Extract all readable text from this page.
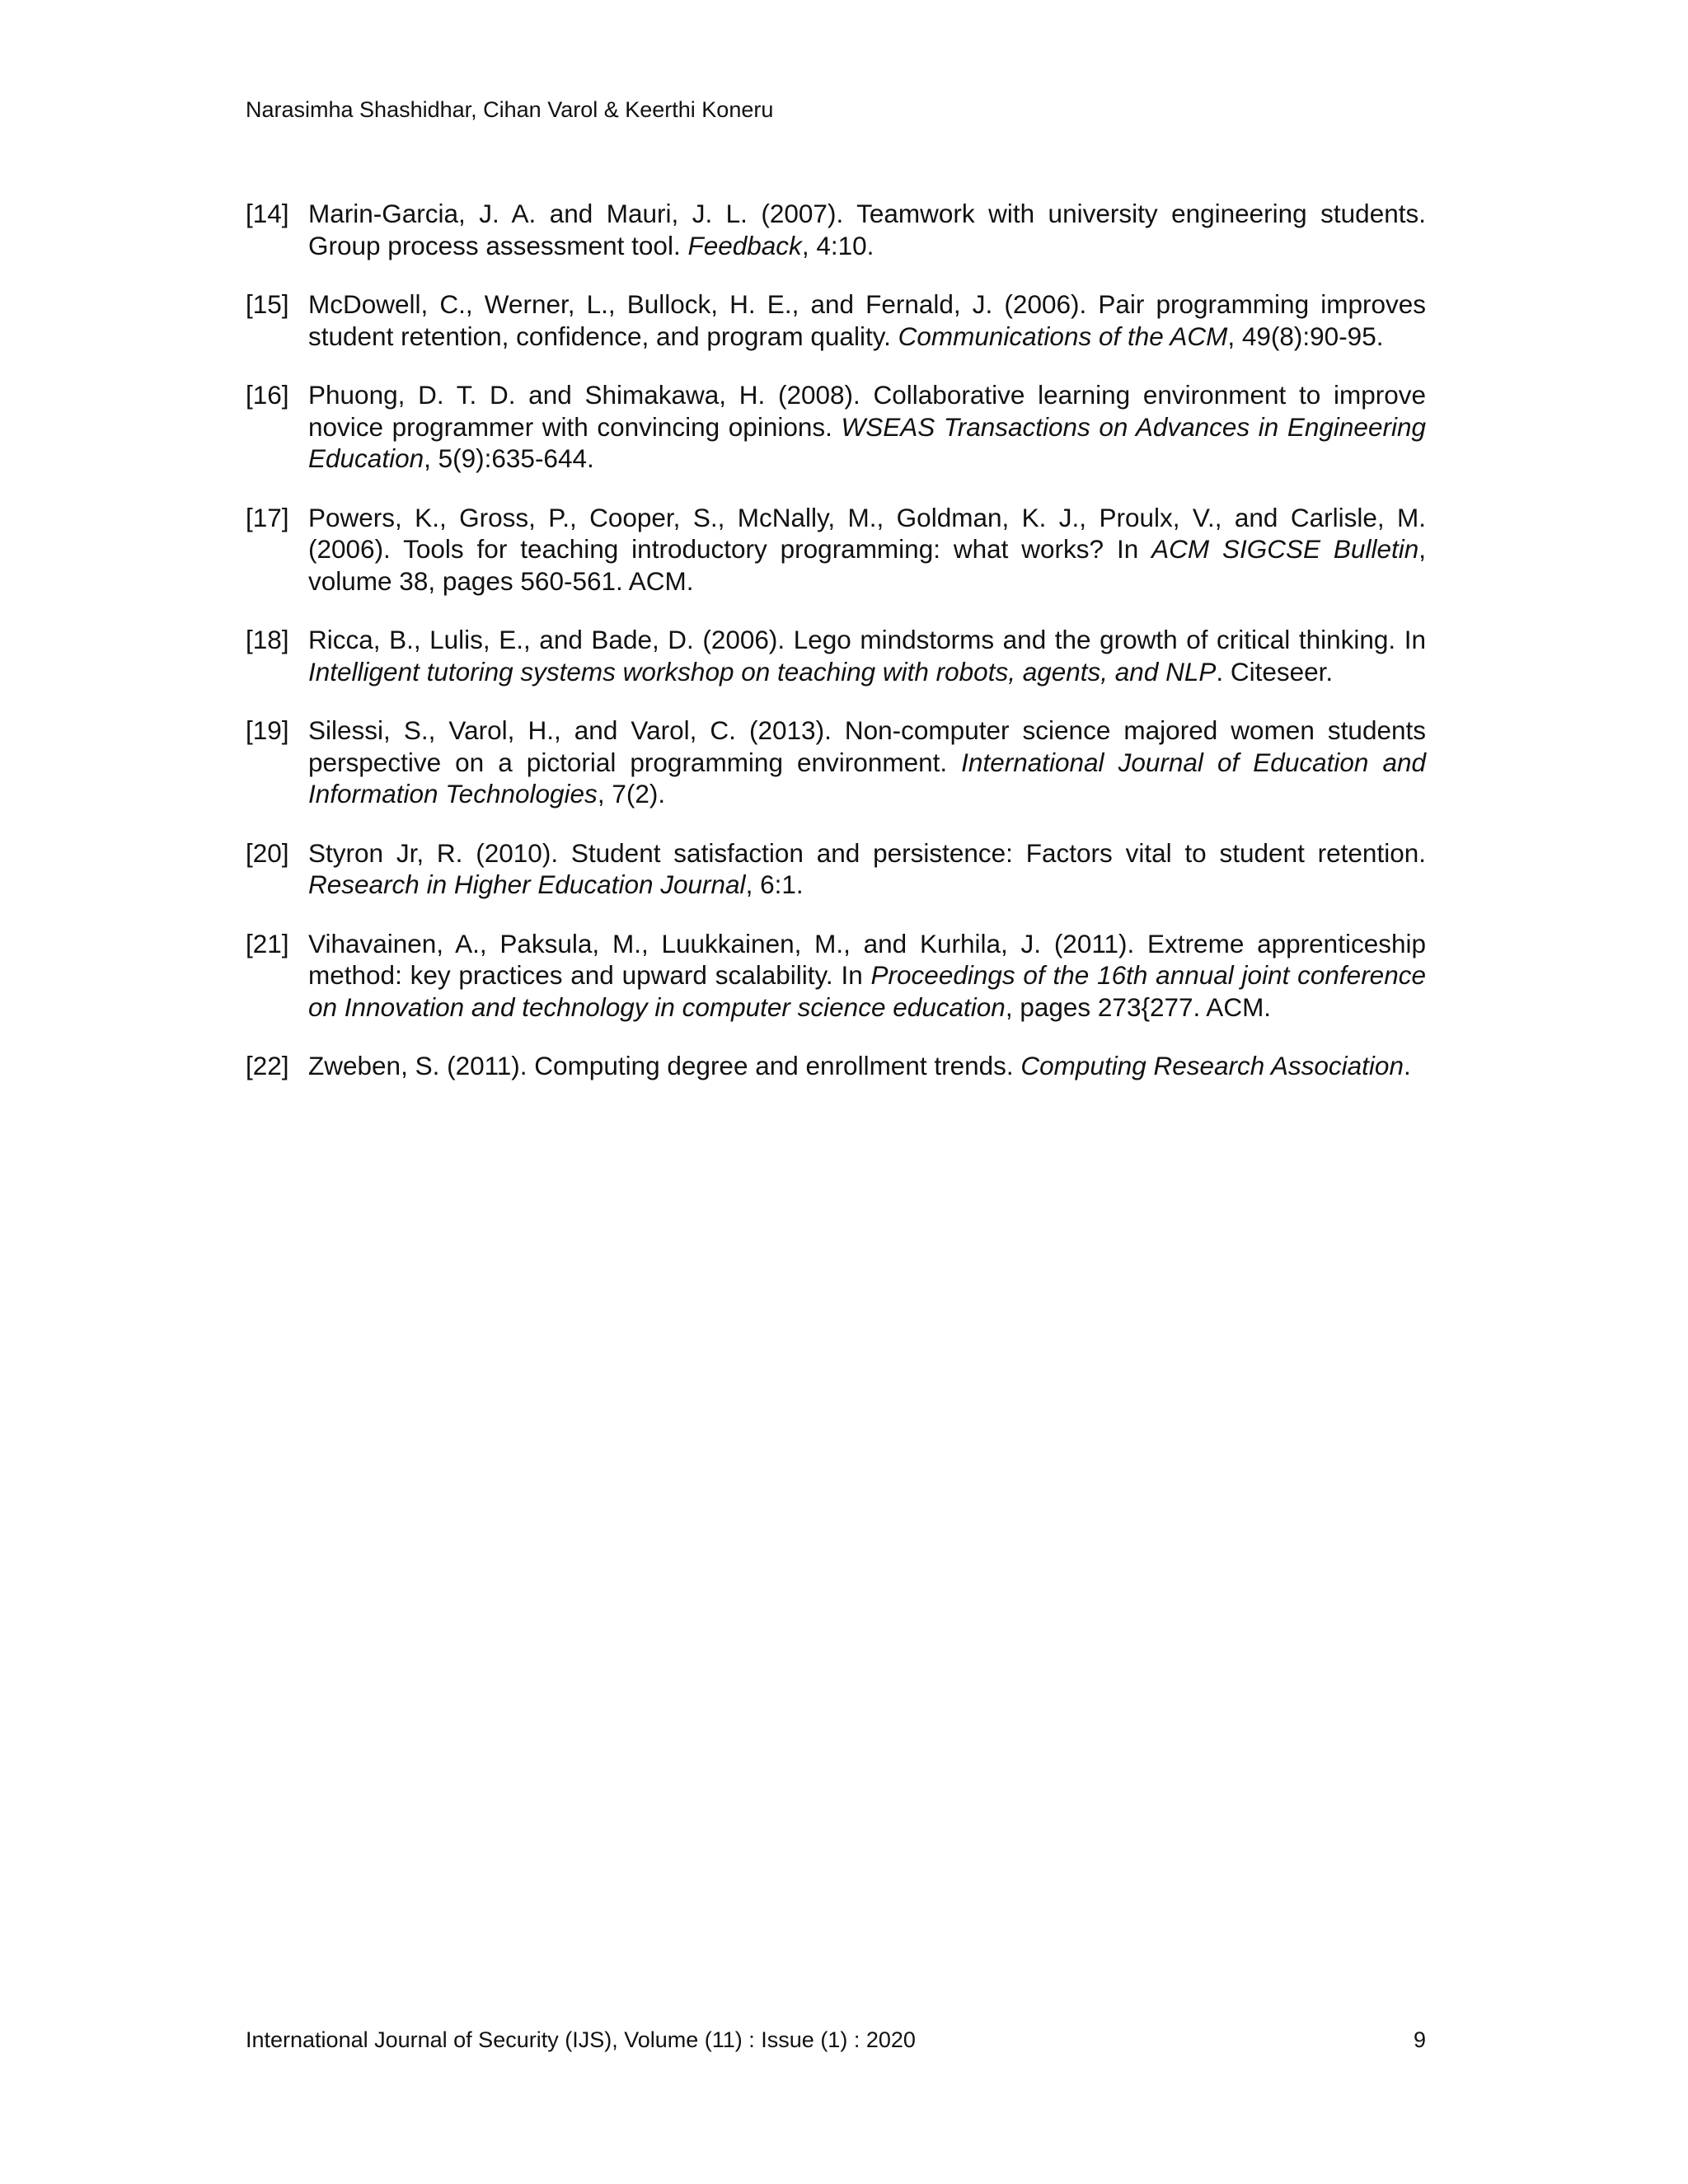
Narasimha Shashidhar, Cihan Varol & Keerthi Koneru
[14] Marin-Garcia, J. A. and Mauri, J. L. (2007). Teamwork with university engineering students. Group process assessment tool. Feedback, 4:10.
[15] McDowell, C., Werner, L., Bullock, H. E., and Fernald, J. (2006). Pair programming improves student retention, confidence, and program quality. Communications of the ACM, 49(8):90-95.
[16] Phuong, D. T. D. and Shimakawa, H. (2008). Collaborative learning environment to improve novice programmer with convincing opinions. WSEAS Transactions on Advances in Engineering Education, 5(9):635-644.
[17] Powers, K., Gross, P., Cooper, S., McNally, M., Goldman, K. J., Proulx, V., and Carlisle, M. (2006). Tools for teaching introductory programming: what works? In ACM SIGCSE Bulletin, volume 38, pages 560-561. ACM.
[18] Ricca, B., Lulis, E., and Bade, D. (2006). Lego mindstorms and the growth of critical thinking. In Intelligent tutoring systems workshop on teaching with robots, agents, and NLP. Citeseer.
[19] Silessi, S., Varol, H., and Varol, C. (2013). Non-computer science majored women students perspective on a pictorial programming environment. International Journal of Education and Information Technologies, 7(2).
[20] Styron Jr, R. (2010). Student satisfaction and persistence: Factors vital to student retention. Research in Higher Education Journal, 6:1.
[21] Vihavainen, A., Paksula, M., Luukkainen, M., and Kurhila, J. (2011). Extreme apprenticeship method: key practices and upward scalability. In Proceedings of the 16th annual joint conference on Innovation and technology in computer science education, pages 273{277. ACM.
[22] Zweben, S. (2011). Computing degree and enrollment trends. Computing Research Association.
International Journal of Security (IJS), Volume (11) : Issue (1) : 2020	9
